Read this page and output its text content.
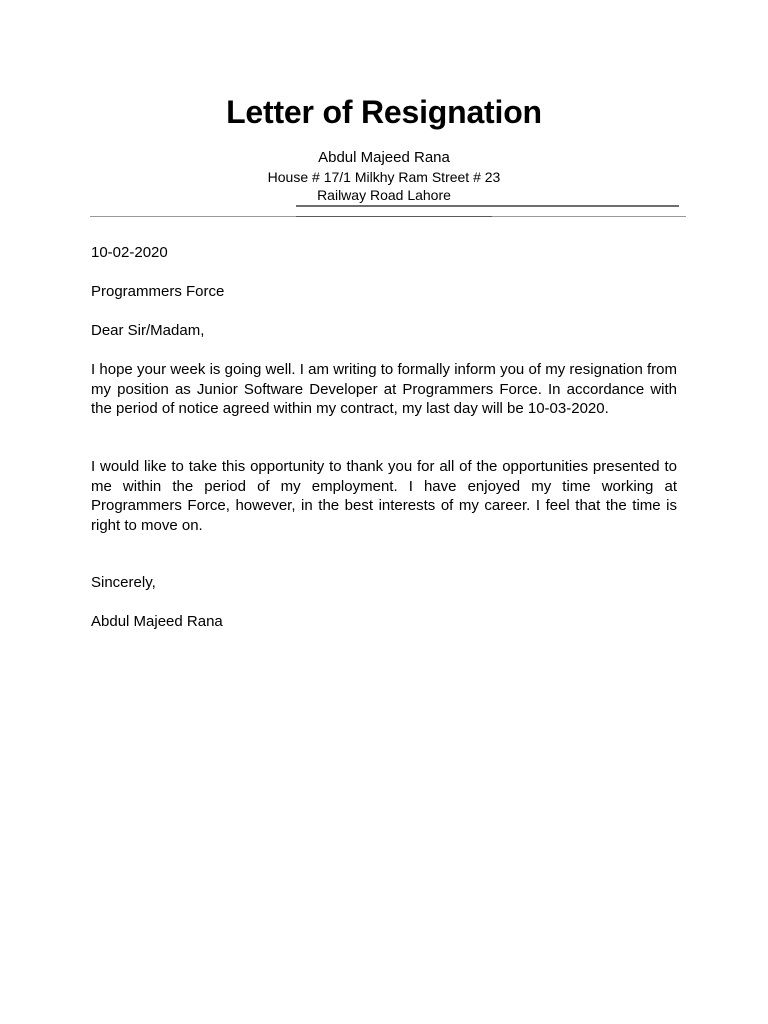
Letter of Resignation
Abdul Majeed Rana
House # 17/1 Milkhy Ram Street # 23
Railway Road Lahore
10-02-2020
Programmers Force
Dear Sir/Madam,
I hope your week is going well. I am writing to formally inform you of my resignation from my position as Junior Software Developer at Programmers Force. In accordance with the period of notice agreed within my contract, my last day will be 10-03-2020.
I would like to take this opportunity to thank you for all of the opportunities presented to me within the period of my employment. I have enjoyed my time working at Programmers Force, however, in the best interests of my career. I feel that the time is right to move on.
Sincerely,
Abdul Majeed Rana
